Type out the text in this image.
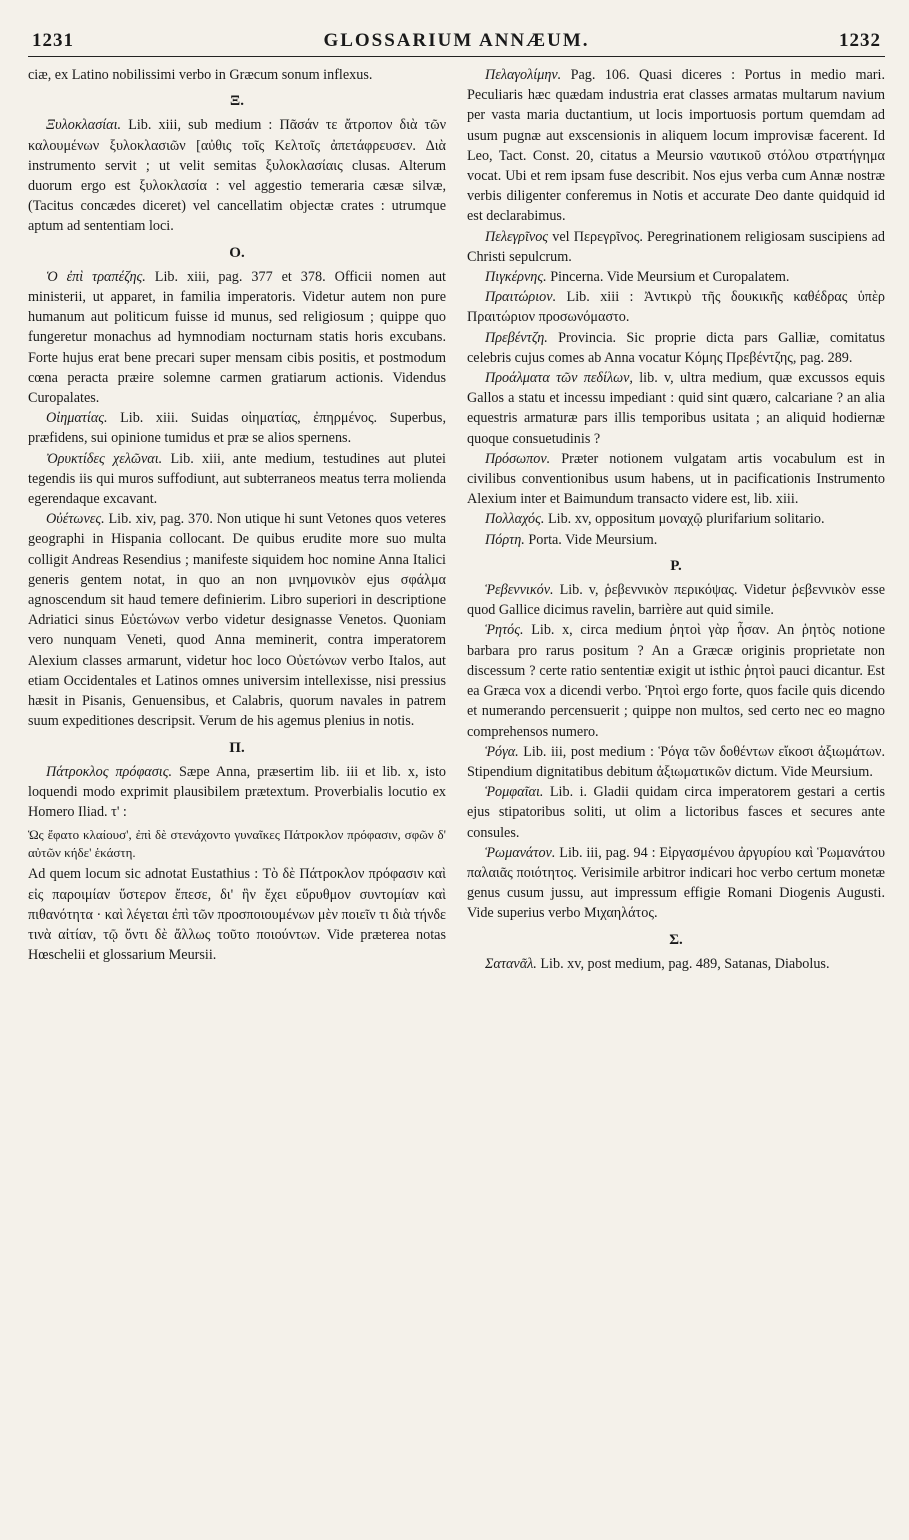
1231	GLOSSARIUM ANNÆUM.	1232

ciæ, ex Latino nobilissimi verbo in Græcum sonum inflexus.

Ξ.

Ξυλοκλασίαι. Lib. xiii, sub medium : Πᾶσάν τε ἄτροπον διὰ τῶν καλουμένων ξυλοκλασιῶν [αὐθις τοῖς Κελτοῖς ἀπετάφρευσεν. Διὰ instrumento servit ; ut velit semitas ξυλοκλασίαις clusas. Alterum duorum ergo est ξυλοκλασία : vel aggestio temeraria cæsæ silvæ, (Tacitus concædes diceret) vel cancellatim objectæ crates : utrumque aptum ad sententiam loci.

O.

Ὁ ἐπὶ τραπέζης. Lib. xiii, pag. 377 et 378. Officii nomen aut ministerii, ut apparet, in familia imperatoris. Videtur autem non pure humanum aut politicum fuisse id munus, sed religiosum ; quippe quo fungeretur monachus ad hymnodiam nocturnam statis horis excubans. Forte hujus erat bene precari super mensam cibis positis, et postmodum cœna peracta præire solemne carmen gratiarum actionis. Videndus Curopalates.

Οἰηματίας. Lib. xiii. Suidas οἰηματίας, ἐπηρμένος. Superbus, præfidens, sui opinione tumidus et præ se alios spernens.

Ὀρυκτίδες χελῶναι. Lib. xiii, ante medium, testudines aut plutei tegendis iis qui muros suffodiunt, aut subterraneos meatus terra molienda egerendaque excavant.

Οὐέτωνες. Lib. xiv, pag. 370. Non utique hi sunt Vetones quos veteres geographi in Hispania collocant. De quibus erudite more suo multa colligit Andreas Resendius ; manifeste siquidem hoc nomine Anna Italici generis gentem notat, in quo an non μνημονικὸν ejus σφάλμα agnoscendum sit haud temere definierim. Libro superiori in descriptione Adriatici sinus Εὐετώνων verbo videtur designasse Venetos. Quoniam vero nunquam Veneti, quod Anna meminerit, contra imperatorem Alexium classes armarunt, videtur hoc loco Οὐετώνων verbo Italos, aut etiam Occidentales et Latinos omnes universim intellexisse, nisi pressius hæsit in Pisanis, Genuensibus, et Calabris, quorum navales in patrem suum expeditiones descripsit. Verum de his agemus plenius in notis.

Π.

Πάτροκλος πρόφασις. Sæpe Anna, præsertim lib. iii et lib. x, isto loquendi modo exprimit plausibilem prætextum. Proverbialis locutio ex Homero Iliad. τ' :

Ὡς ἔφατο κλαίουσ', ἐπὶ δὲ στενάχοντο γυναῖκες Πάτροκλον πρόφασιν, σφῶν δ' αὐτῶν κήδε' ἑκάστη.

Ad quem locum sic adnotat Eustathius : Τὸ δὲ Πάτροκλον πρόφασιν καὶ εἰς παροιμίαν ὕστερον ἔπεσε, δι' ἣν ἔχει εὔρυθμον συντομίαν καὶ πιθανότητα · καὶ λέγεται ἐπὶ τῶν προσποιουμένων μὲν ποιεῖν τι διὰ τήνδε τινὰ αἰτίαν, τῷ ὄντι δὲ ἄλλως τοῦτο ποιούντων. Vide præterea notas Hœschelii et glossarium Meursii.

Πελαγολίμην. Pag. 106. Quasi diceres : Portus in medio mari. Peculiaris hæc quædam industria erat classes armatas multarum navium per vasta maria ductantium, ut locis importuosis portum quemdam ad usum pugnæ aut exscensionis in aliquem locum improvisæ facerent. Id Leo, Tact. Const. 20, citatus a Meursio ναυτικοῦ στόλου στρατήγημα vocat. Ubi et rem ipsam fuse describit. Nos ejus verba cum Annæ nostræ verbis diligenter conferemus in Notis et accurate Deo dante quidquid id est declarabimus.

Πελεγρῖνος vel Περεγρῖνος. Peregrinationem religiosam suscipiens ad Christi sepulcrum.

Πιγκέρνης. Pincerna. Vide Meursium et Curopalatem.

Πραιτώριον. Lib. xiii : Ἀντικρὺ τῆς δουκικῆς καθέδρας ὑπὲρ Πραιτώριον προσωνόμαστο.

Πρεβέντζη. Provincia. Sic proprie dicta pars Galliæ, comitatus celebris cujus comes ab Anna vocatur Κόμης Πρεβέντζης, pag. 289.

Προάλματα τῶν πεδίλων, lib. v, ultra medium, quæ excussos equis Gallos a statu et incessu impediant : quid sint quæro, calcariane ? an alia equestris armaturæ pars illis temporibus usitata ; an aliquid hodiernæ quoque consuetudinis ?

Πρόσωπον. Præter notionem vulgatam artis vocabulum est in civilibus conventionibus usum habens, ut in pacificationis Instrumento Alexium inter et Baimundum transacto videre est, lib. xiii.

Πολλαχός. Lib. xv, oppositum μοναχῷ plurifarium solitario.

Πόρτη. Porta. Vide Meursium.

P.

Ῥεβεννικόν. Lib. v, ῥεβεννικὸν περικόψας. Videtur ῥεβεννικὸν esse quod Gallice dicimus ravelin, barrière aut quid simile.

Ῥητός. Lib. x, circa medium ῥητοὶ γὰρ ἦσαν. An ῥητὸς notione barbara pro rarus positum ? An a Græcæ originis proprietate non discessum ? certe ratio sententiæ exigit ut isthic ῥητοὶ pauci dicantur. Est ea Græca vox a dicendi verbo. Ῥητοὶ ergo forte, quos facile quis dicendo et numerando percensuerit ; quippe non multos, sed certo nec eo magno comprehensos numero.

Ῥόγα. Lib. iii, post medium : Ῥόγα τῶν δοθέντων εἴκοσι ἀξιωμάτων. Stipendium dignitatibus debitum ἀξιωματικῶν dictum. Vide Meursium.

Ῥομφαῖαι. Lib. i. Gladii quidam circa imperatorem gestari a certis ejus stipatoribus soliti, ut olim a lictoribus fasces et secures ante consules.

Ῥωμανάτον. Lib. iii, pag. 94 : Εἰργασμένου ἀργυρίου καὶ Ῥωμανάτου παλαιᾶς ποιότητος. Verisimile arbitror indicari hoc verbo certum monetæ genus cusum jussu, aut impressum effigie Romani Diogenis Augusti. Vide superius verbo Μιχαηλάτος.

Σ.

Σατανᾶλ. Lib. xv, post medium, pag. 489, Satanas, Diabolus.
